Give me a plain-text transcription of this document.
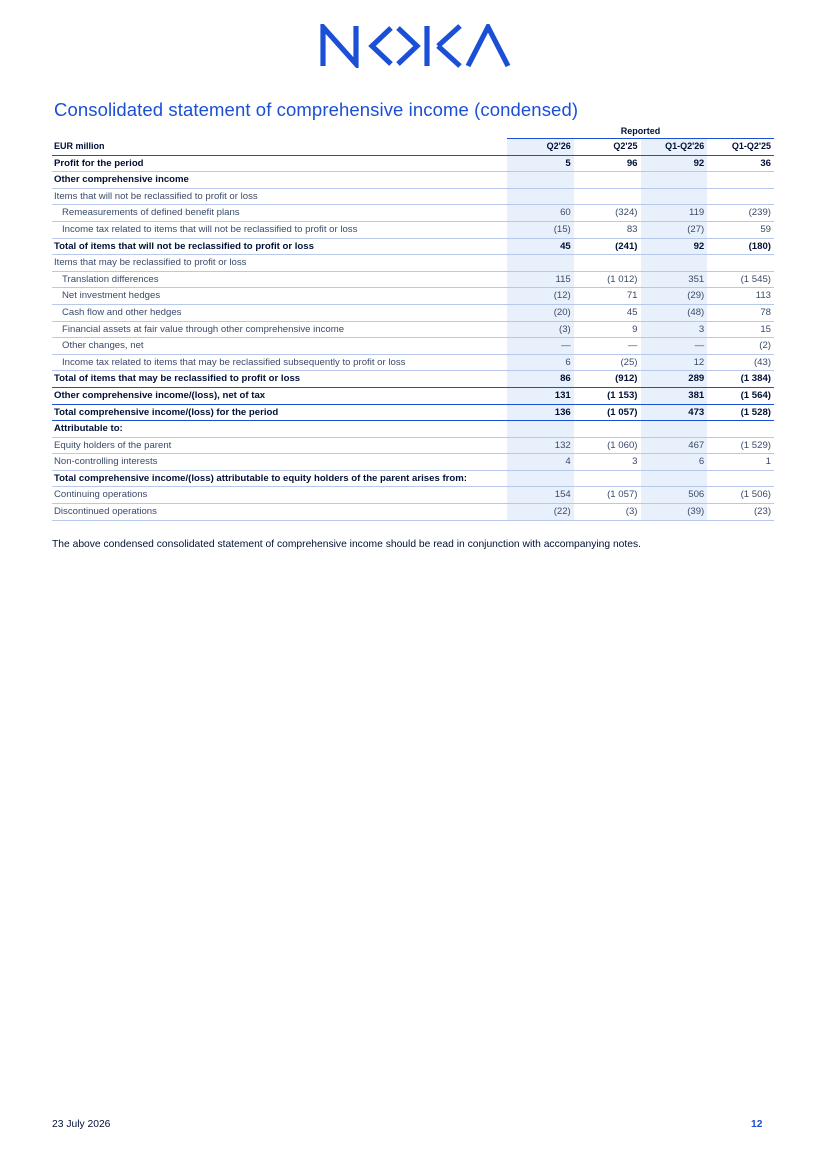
Consolidated statement of comprehensive income (condensed)
	Reported			
EUR million	Q2'26	Q2'25	Q1-Q2'26	Q1-Q2'25
Profit for the period	5	96	92	36
Other comprehensive income				
Items that will not be reclassified to profit or loss				
Remeasurements of defined benefit plans	60	(324)	119	(239)
Income tax related to items that will not be reclassified to profit or loss	(15)	83	(27)	59
Total of items that will not be reclassified to profit or loss	45	(241)	92	(180)
Items that may be reclassified to profit or loss				
Translation differences	115	(1 012)	351	(1 545)
Net investment hedges	(12)	71	(29)	113
Cash flow and other hedges	(20)	45	(48)	78
Financial assets at fair value through other comprehensive income	(3)	9	3	15
Other changes, net	—	—	—	(2)
Income tax related to items that may be reclassified subsequently to profit or loss	6	(25)	12	(43)
Total of items that may be reclassified to profit or loss	86	(912)	289	(1 384)
Other comprehensive income/(loss), net of tax	131	(1 153)	381	(1 564)
Total comprehensive income/(loss) for the period	136	(1 057)	473	(1 528)
Attributable to:				
Equity holders of the parent	132	(1 060)	467	(1 529)
Non-controlling interests	4	3	6	1
Total comprehensive income/(loss) attributable to equity holders of the parent arises from:				
Continuing operations	154	(1 057)	506	(1 506)
Discontinued operations	(22)	(3)	(39)	(23)
The above condensed consolidated statement of comprehensive income should be read in conjunction with accompanying notes.
23 July 2026	12
